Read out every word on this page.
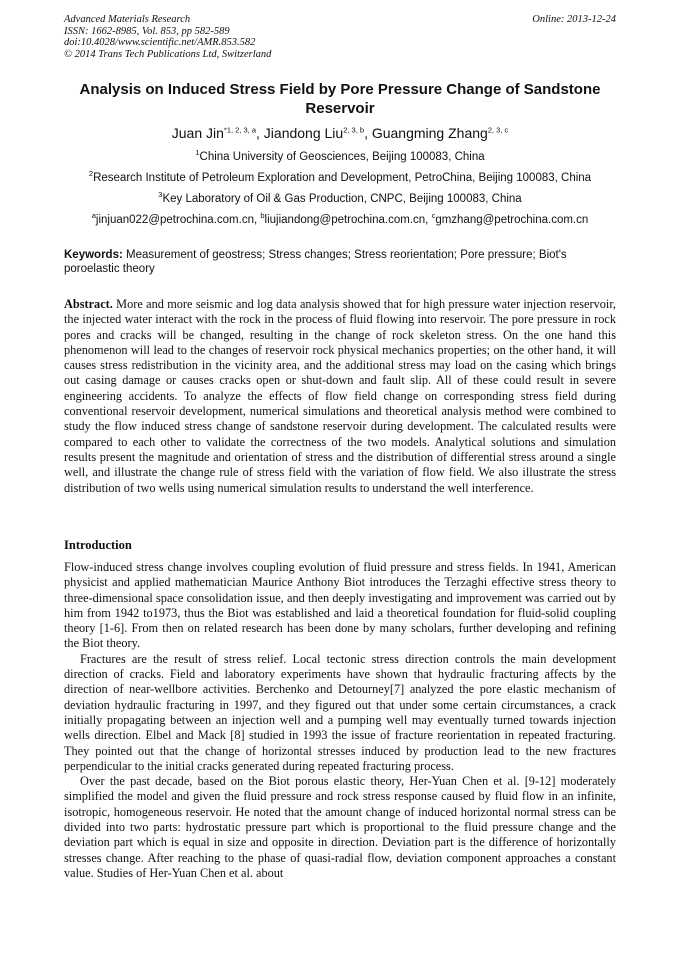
Advanced Materials Research
ISSN: 1662-8985, Vol. 853, pp 582-589
doi:10.4028/www.scientific.net/AMR.853.582
© 2014 Trans Tech Publications Ltd, Switzerland
Online: 2013-12-24
Analysis on Induced Stress Field by Pore Pressure Change of Sandstone Reservoir
Juan Jin$^{*1, 2, 3, a}$, Jiandong Liu$^{2, 3, b}$, Guangming Zhang$^{2, 3, c}$
$^1$China University of Geosciences, Beijing 100083, China
$^2$Research Institute of Petroleum Exploration and Development, PetroChina, Beijing 100083, China
$^3$Key Laboratory of Oil & Gas Production, CNPC, Beijing 100083, China
$^a$jinjuan022@petrochina.com.cn, $^b$liujiandong@petrochina.com.cn, $^c$gmzhang@petrochina.com.cn
Keywords: Measurement of geostress; Stress changes; Stress reorientation; Pore pressure; Biot's poroelastic theory
Abstract. More and more seismic and log data analysis showed that for high pressure water injection reservoir, the injected water interact with the rock in the process of fluid flowing into reservoir. The pore pressure in rock pores and cracks will be changed, resulting in the change of rock skeleton stress. On the one hand this phenomenon will lead to the changes of reservoir rock physical mechanics properties; on the other hand, it will causes stress redistribution in the vicinity area, and the additional stress may load on the casing which brings out casing damage or causes cracks open or shut-down and fault slip. All of these could result in severe engineering accidents. To analyze the effects of flow field change on corresponding stress field during conventional reservoir development, numerical simulations and theoretical analysis method were combined to study the flow induced stress change of sandstone reservoir during development. The calculated results were compared to each other to validate the correctness of the two models. Analytical solutions and simulation results present the magnitude and orientation of stress and the distribution of differential stress around a single well, and illustrate the change rule of stress field with the variation of flow field. We also illustrate the stress distribution of two wells using numerical simulation results to understand the well interference.
Introduction

Flow-induced stress change involves coupling evolution of fluid pressure and stress fields. In 1941, American physicist and applied mathematician Maurice Anthony Biot introduces the Terzaghi effective stress theory to three-dimensional space consolidation issue, and then deeply investigating and improvement was carried out by him from 1942 to1973, thus the Biot was established and laid a theoretical foundation for fluid-solid coupling theory [1-6]. From then on related research has been done by many scholars, further developing and refining the Biot theory.

Fractures are the result of stress relief. Local tectonic stress direction controls the main development direction of cracks. Field and laboratory experiments have shown that hydraulic fracturing affects by the direction of near-wellbore activities. Berchenko and Detourney[7] analyzed the pore elastic mechanism of deviation hydraulic fracturing in 1997, and they figured out that under some certain circumstances, a crack initially propagating between an injection well and a pumping well may eventually turned towards injection wells direction. Elbel and Mack [8] studied in 1993 the issue of fracture reorientation in repeated fracturing. They pointed out that the change of horizontal stresses induced by production lead to the new fractures perpendicular to the initial cracks generated during repeated fracturing process.

Over the past decade, based on the Biot porous elastic theory, Her-Yuan Chen et al. [9-12] moderately simplified the model and given the fluid pressure and rock stress response caused by fluid flow in an infinite, isotropic, homogeneous reservoir. He noted that the amount change of induced horizontal normal stress can be divided into two parts: hydrostatic pressure part which is proportional to the fluid pressure change and the deviation part which is equal in size and opposite in direction. Deviation part is the difference of horizontally stresses change. After reaching to the phase of quasi-radial flow, deviation component approaches a constant value. Studies of Her-Yuan Chen et al. about
